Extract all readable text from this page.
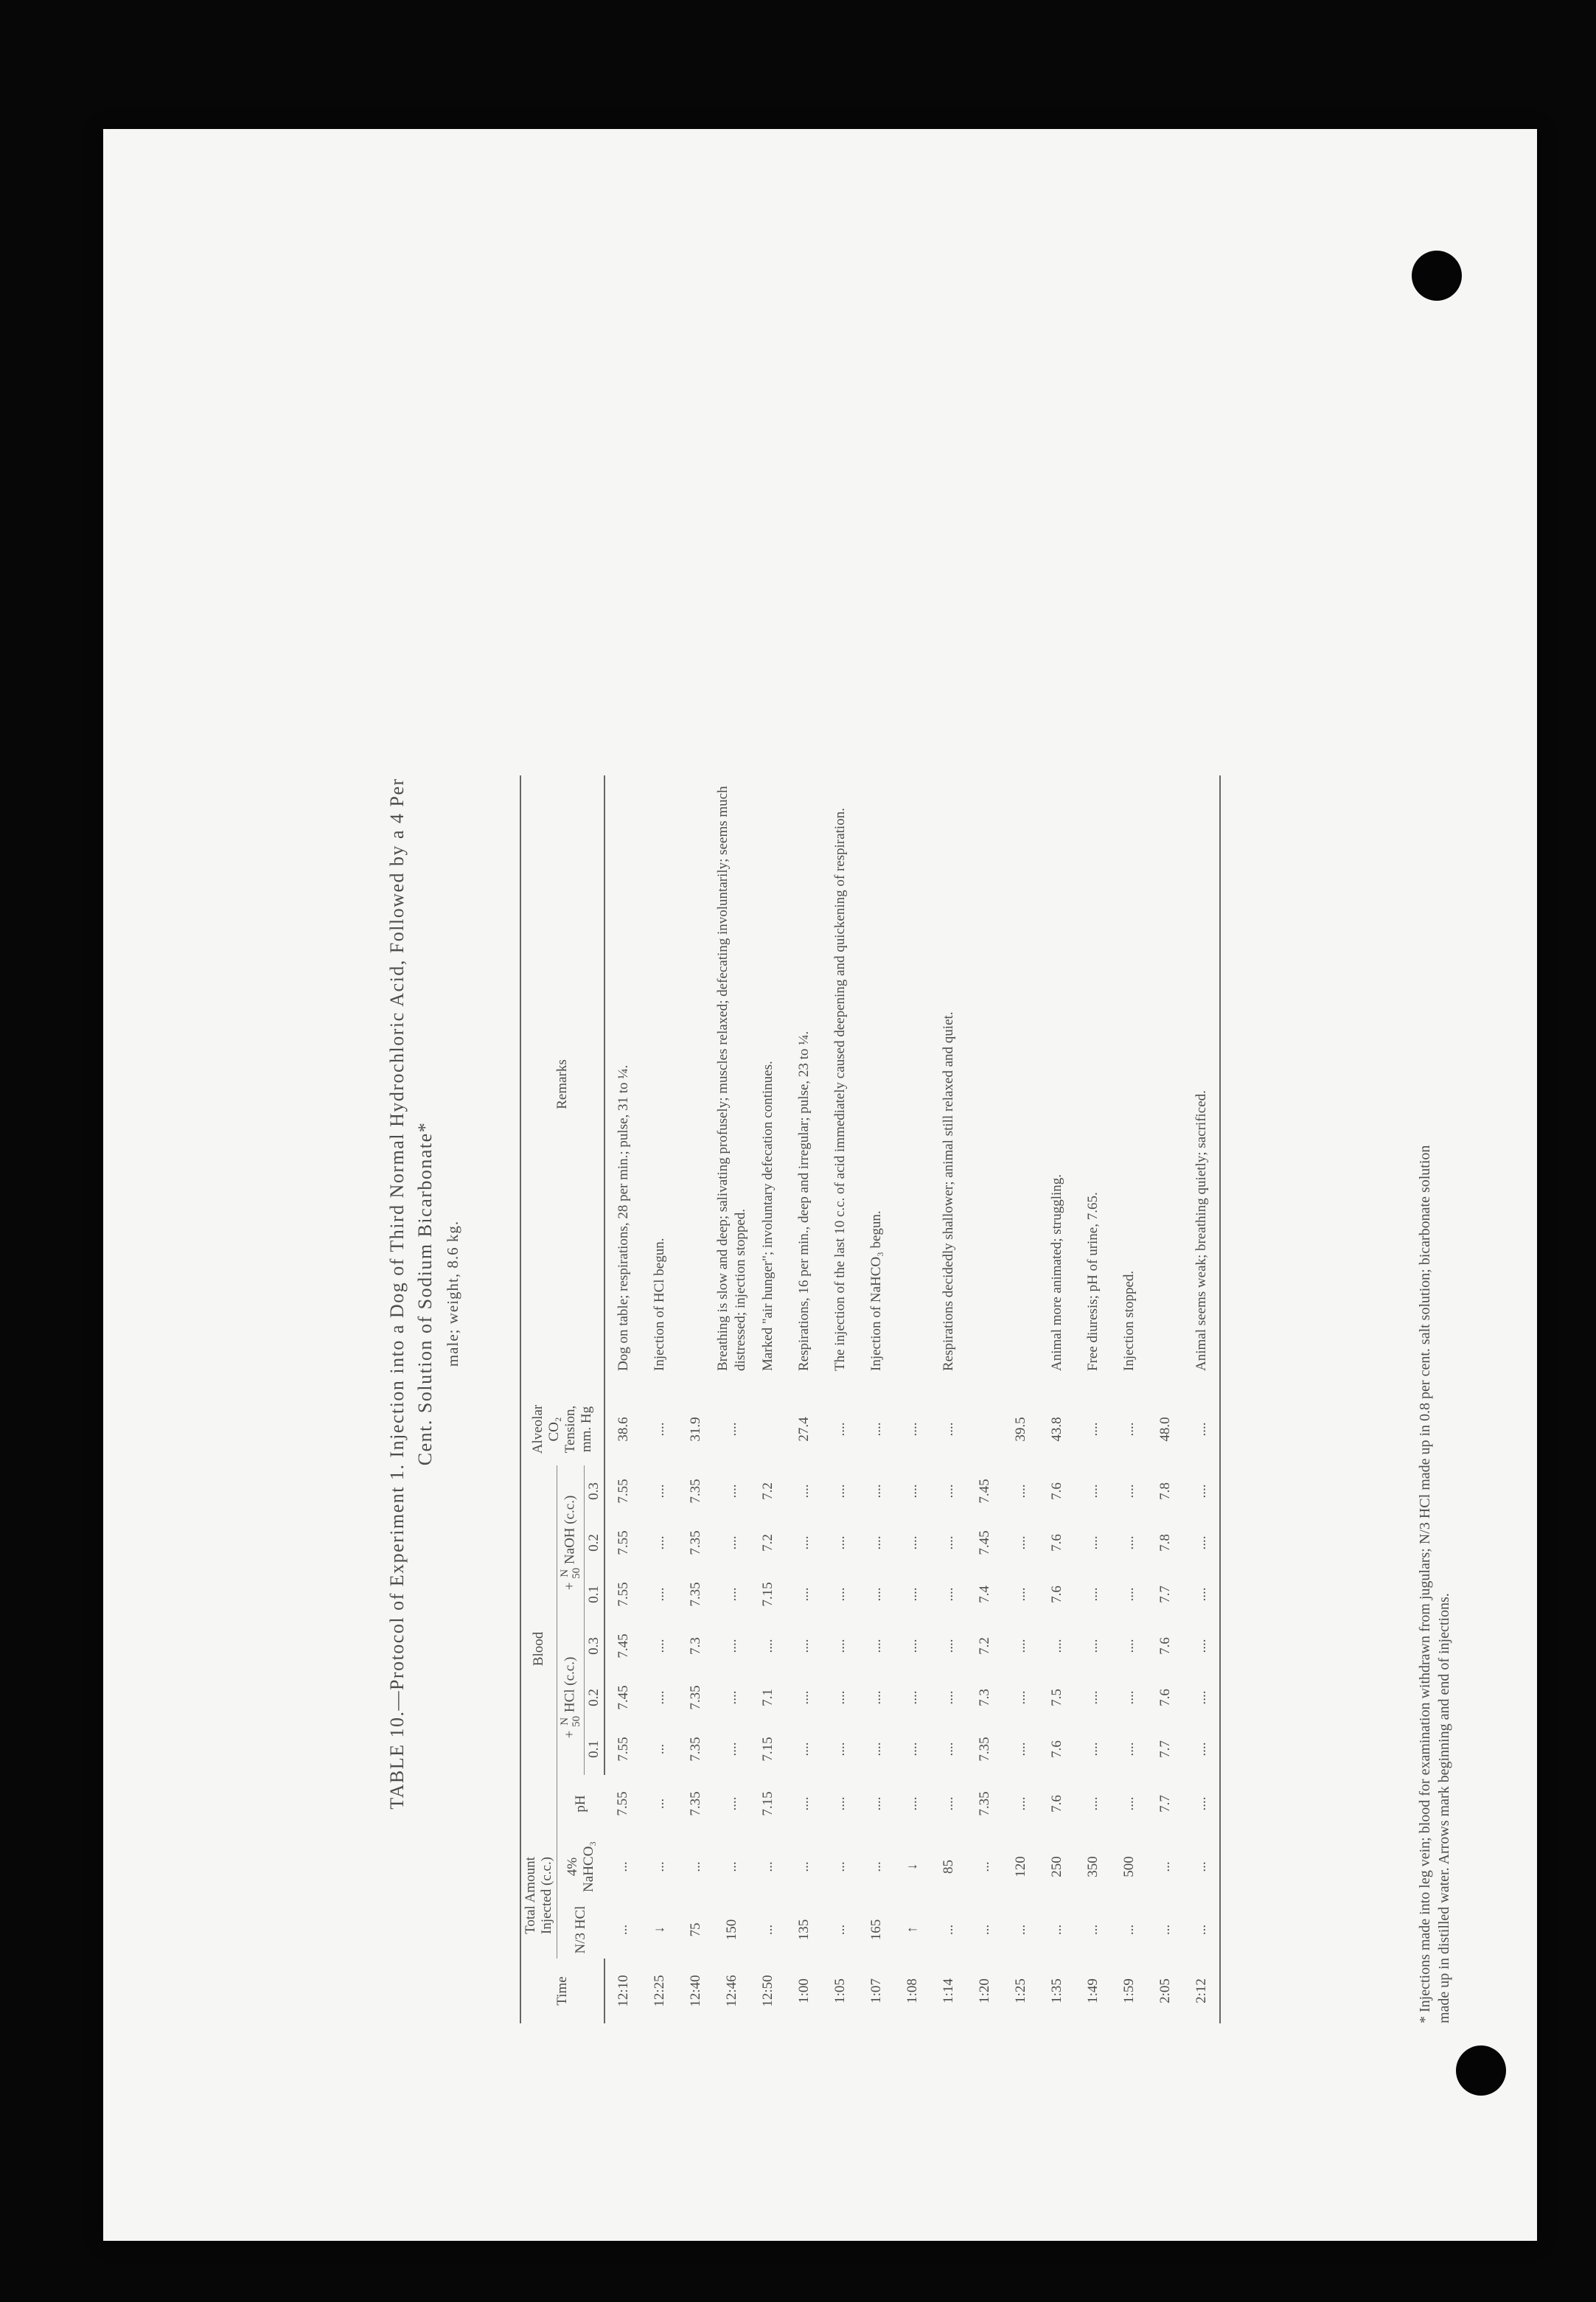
TABLE 10.—Protocol of Experiment 1. Injection into a Dog of Third Normal Hydrochloric Acid, Followed by a 4 Per Cent. Solution of Sodium Bicarbonate* male; weight, 8.6 kg.
Time	Total Amount Injected (c.c.)		Blood							Alveolar CO₂ Tension, mm. Hg	Remarks
	N/3 HCl	4% NaHCO₃	pH	+
N 50
HCl (c.c.)			+
N 50
NaOH (c.c.)				
				0.1	0.2	0.3	0.1	0.2	0.3		
12:10	...	...	7.55	7.55	7.45	7.45	7.55	7.55	7.55	38.6	Dog on table; respirations, 28 per min.; pulse, 31 to ¼.
12:25	↓	...	...	...	....	....	....	....	....	....	Injection of HCl begun.
12:40	75	...	7.35	7.35	7.35	7.3	7.35	7.35	7.35	31.9	
12:46	150	...	....	....	....	....	....	....	....	....	Breathing is slow and deep; salivating profusely; muscles relaxed; defecating involuntarily; seems much distressed; injection stopped.
12:50	...	...	7.15	7.15	7.1	....	7.15	7.2	7.2		Marked "air hunger"; involuntary defecation continues.
1:00	135	...	....	....	....	....	....	....	....	27.4	Respirations, 16 per min., deep and irregular; pulse, 23 to ¼.
1:05	...	...	....	....	....	....	....	....	....	....	The injection of the last 10 c.c. of acid immediately caused deepening and quickening of respiration.
1:07	165	...	....	....	....	....	....	....	....	....	Injection of NaHCO₃ begun.
1:08	↑	↓	....	....	....	....	....	....	....	....	
1:14	...	85	....	....	....	....	....	....	....	....	Respirations decidedly shallower; animal still relaxed and quiet.
1:20	...	...	7.35	7.35	7.3	7.2	7.4	7.45	7.45		
1:25	...	120	....	....	....	....	....	....	....	39.5	
1:35	...	250	7.6	7.6	7.5	....	7.6	7.6	7.6	43.8	Animal more animated; struggling.
1:49	...	350	....	....	....	....	....	....	....	....	Free diuresis; pH of urine, 7.65.
1:59	...	500	....	....	....	....	....	....	....	....	Injection stopped.
2:05	...	...	7.7	7.7	7.6	7.6	7.7	7.8	7.8	48.0	
2:12	...	...	....	....	....	....	....	....	....	....	Animal seems weak; breathing quietly; sacrificed.	* Injections made into leg vein; blood for examination withdrawn from jugulars; N/3 HCl made up in 0.8 per cent. salt solution; bicarbonate solution made up in distilled water. Arrows mark beginning and end of injections.
